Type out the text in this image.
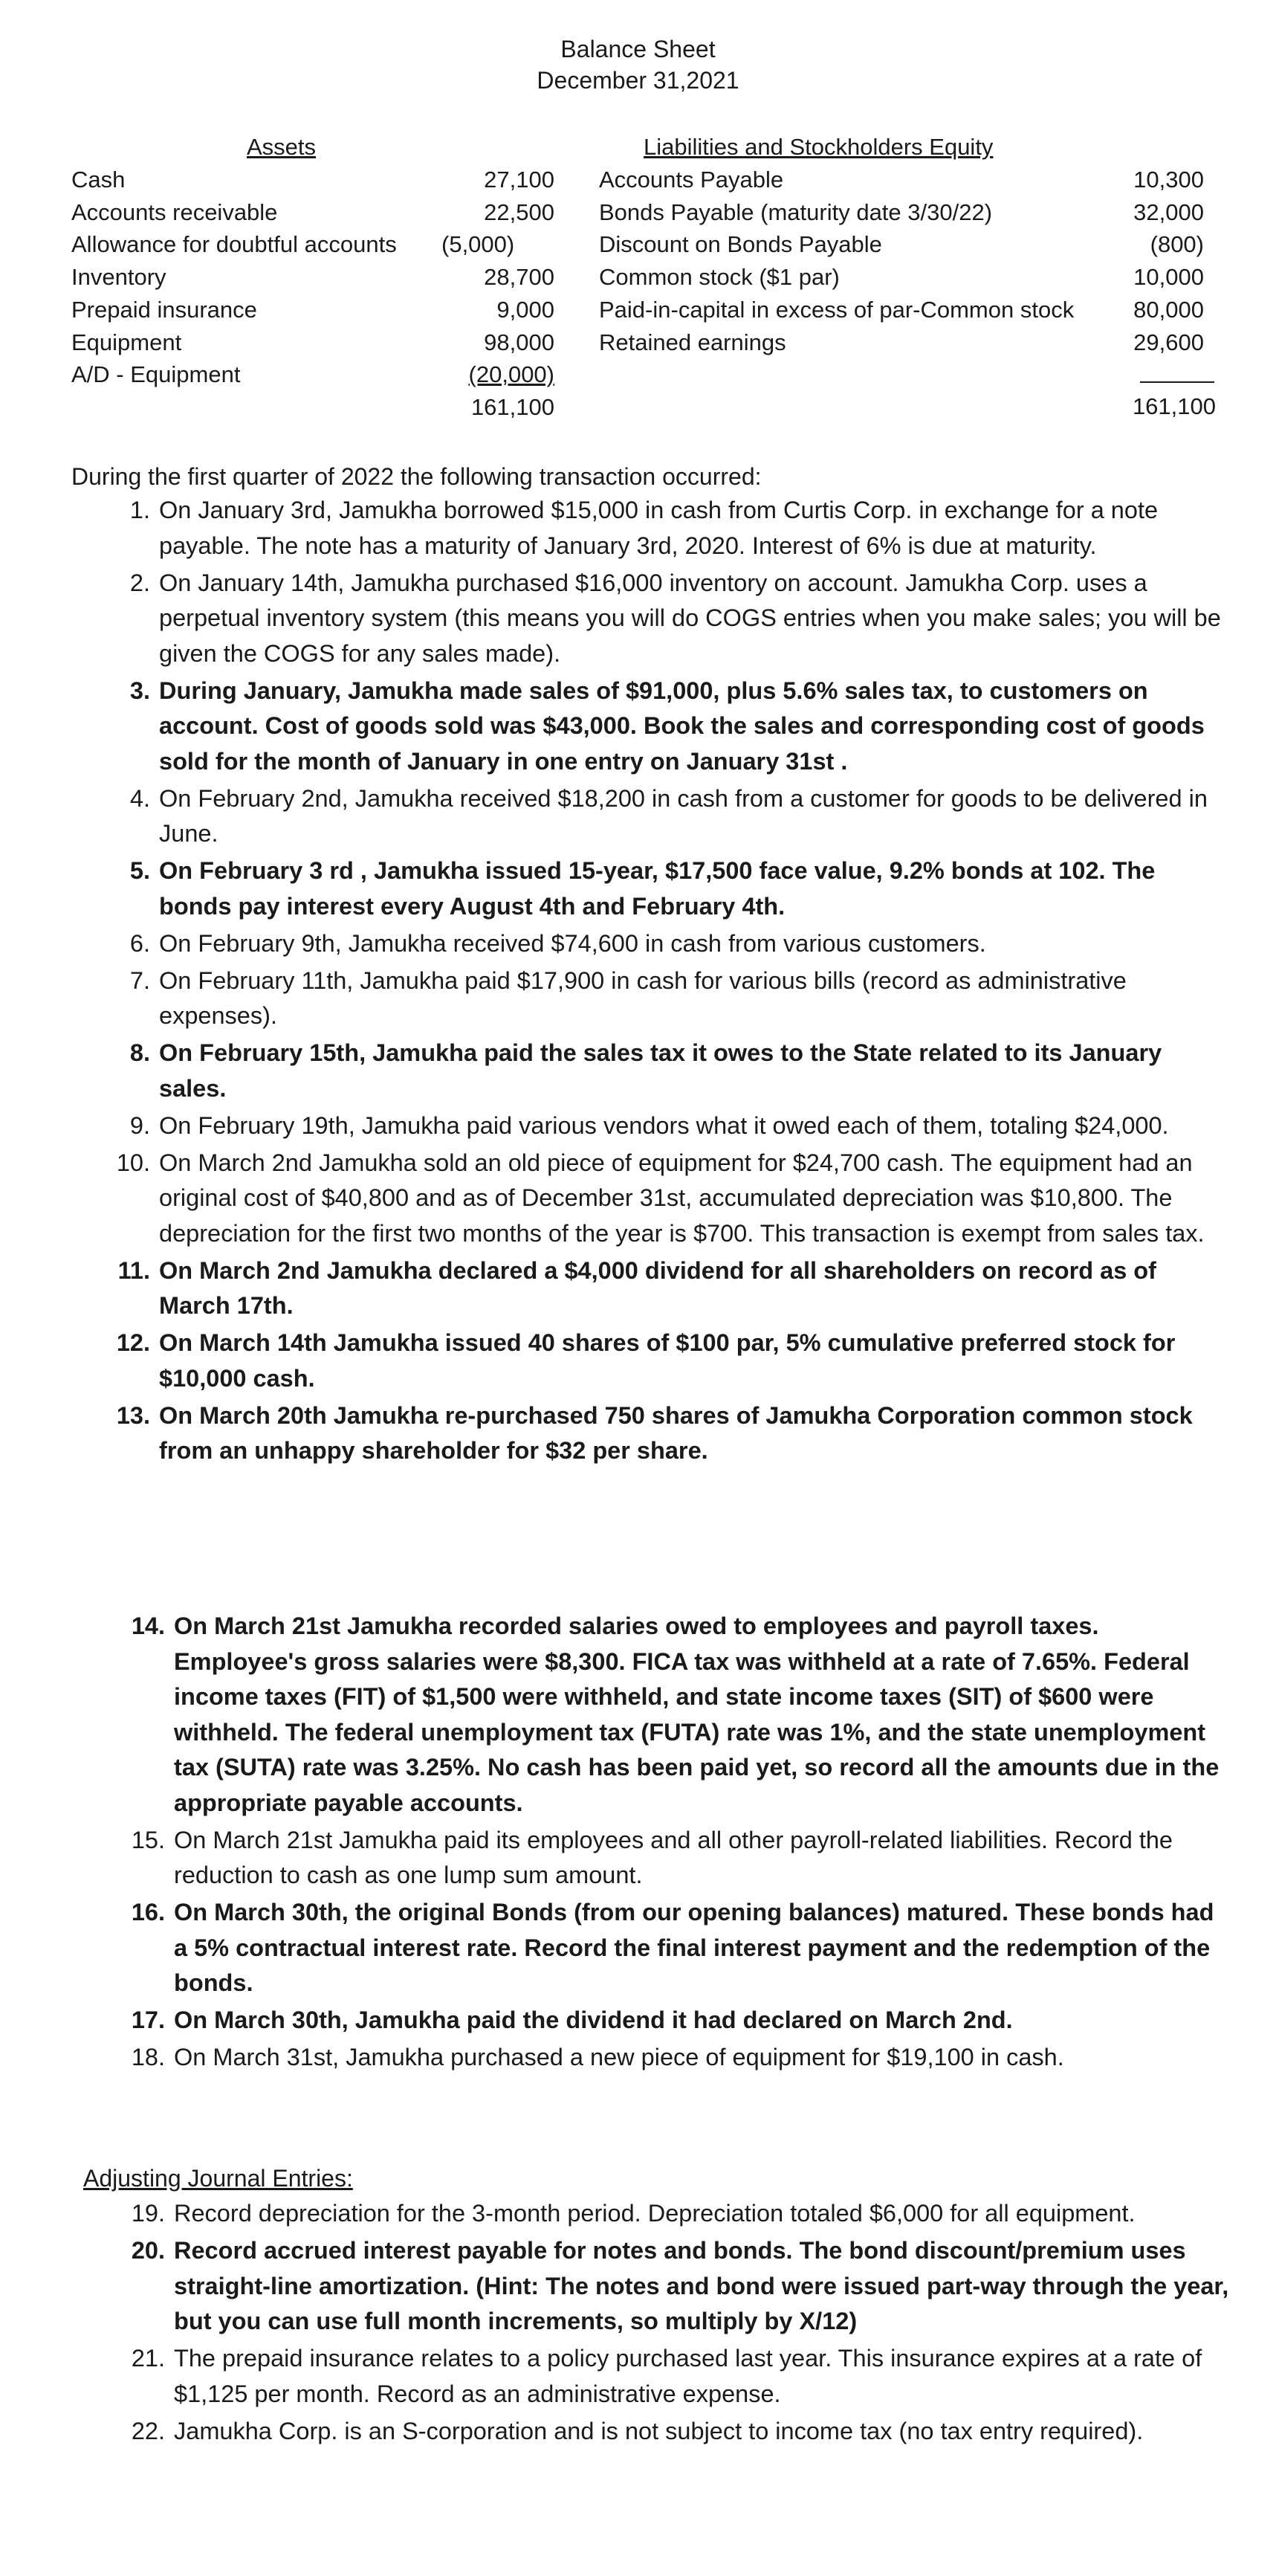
Balance Sheet
December 31,2021
Assets	Liabilities and Stockholders Equity
Cash
Accounts receivable
Allowance for doubtful accounts
Inventory
Prepaid insurance
Equipment
A/D - Equipment
27,100
22,500
(5,000)
28,700
9,000
98,000
(20,000)
161,100
Accounts Payable
Bonds Payable (maturity date 3/30/22)
Discount on Bonds Payable
Common stock ($1 par)
Paid-in-capital in excess of par-Common stock
Retained earnings
10,300
32,000
(800)
10,000
80,000
29,600
161,100
During the first quarter of 2022 the following transaction occurred:
1. On January 3rd, Jamukha borrowed $15,000 in cash from Curtis Corp. in exchange for a note payable. The note has a maturity of January 3rd, 2020. Interest of 6% is due at maturity.
2. On January 14th, Jamukha purchased $16,000 inventory on account. Jamukha Corp. uses a perpetual inventory system (this means you will do COGS entries when you make sales; you will be given the COGS for any sales made).
3. During January, Jamukha made sales of $91,000, plus 5.6% sales tax, to customers on account. Cost of goods sold was $43,000. Book the sales and corresponding cost of goods sold for the month of January in one entry on January 31st .
4. On February 2nd, Jamukha received $18,200 in cash from a customer for goods to be delivered in June.
5. On February 3 rd , Jamukha issued 15-year, $17,500 face value, 9.2% bonds at 102. The bonds pay interest every August 4th and February 4th.
6. On February 9th, Jamukha received $74,600 in cash from various customers.
7. On February 11th, Jamukha paid $17,900 in cash for various bills (record as administrative expenses).
8. On February 15th, Jamukha paid the sales tax it owes to the State related to its January sales.
9. On February 19th, Jamukha paid various vendors what it owed each of them, totaling $24,000.
10. On March 2nd Jamukha sold an old piece of equipment for $24,700 cash. The equipment had an original cost of $40,800 and as of December 31st, accumulated depreciation was $10,800. The depreciation for the first two months of the year is $700. This transaction is exempt from sales tax.
11. On March 2nd Jamukha declared a $4,000 dividend for all shareholders on record as of March 17th.
12. On March 14th Jamukha issued 40 shares of $100 par, 5% cumulative preferred stock for $10,000 cash.
13. On March 20th Jamukha re-purchased 750 shares of Jamukha Corporation common stock from an unhappy shareholder for $32 per share.
14. On March 21st Jamukha recorded salaries owed to employees and payroll taxes. Employee's gross salaries were $8,300. FICA tax was withheld at a rate of 7.65%. Federal income taxes (FIT) of $1,500 were withheld, and state income taxes (SIT) of $600 were withheld. The federal unemployment tax (FUTA) rate was 1%, and the state unemployment tax (SUTA) rate was 3.25%. No cash has been paid yet, so record all the amounts due in the appropriate payable accounts.
15. On March 21st Jamukha paid its employees and all other payroll-related liabilities. Record the reduction to cash as one lump sum amount.
16. On March 30th, the original Bonds (from our opening balances) matured. These bonds had a 5% contractual interest rate. Record the final interest payment and the redemption of the bonds.
17. On March 30th, Jamukha paid the dividend it had declared on March 2nd.
18. On March 31st, Jamukha purchased a new piece of equipment for $19,100 in cash.
Adjusting Journal Entries:
19. Record depreciation for the 3-month period. Depreciation totaled $6,000 for all equipment.
20. Record accrued interest payable for notes and bonds. The bond discount/premium uses straight-line amortization. (Hint: The notes and bond were issued part-way through the year, but you can use full month increments, so multiply by X/12)
21. The prepaid insurance relates to a policy purchased last year. This insurance expires at a rate of $1,125 per month. Record as an administrative expense.
22. Jamukha Corp. is an S-corporation and is not subject to income tax (no tax entry required).
